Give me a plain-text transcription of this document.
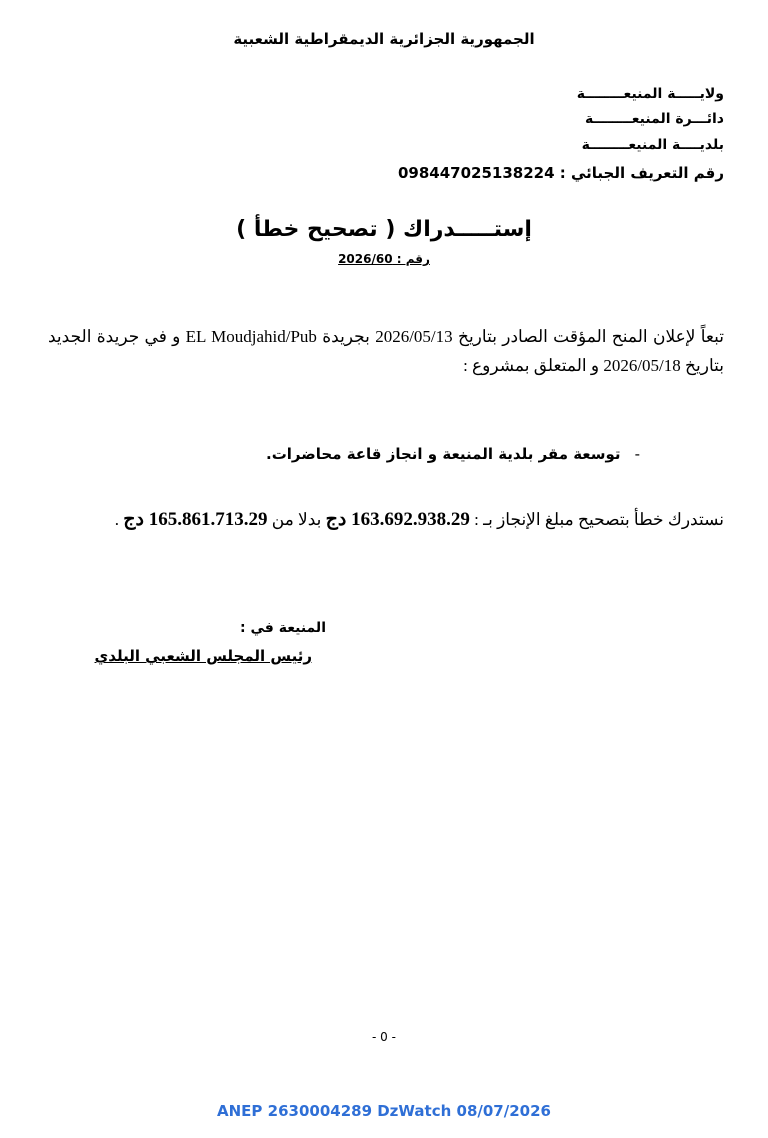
الجمهورية الجزائرية الديمقراطية الشعبية
ولايـــــة المنيعــــــــة
دائـــرة المنيعــــــــة
بلديــــة المنيعــــــــة
رقم التعريف الجبائي : 098447025138224
إستـــــدراك ( تصحيح خطأ )
رقم : 2026/60
تبعاً لإعلان المنح المؤقت الصادر بتاريخ 2026/05/13 بجريدة EL Moudjahid/Pub و في جريدة الجديد بتاريخ 2026/05/18 و المتعلق بمشروع :
-توسعة مقر بلدية المنيعة و انجاز قاعة محاضرات.
نستدرك خطأ بتصحيح مبلغ الإنجاز بـ : 163.692.938.29 دج بدلا من 165.861.713.29 دج .
المنيعة في :
رئيس المجلس الشعبي البلدي
- 0 -
ANEP 2630004289 DzWatch 08/07/2026
